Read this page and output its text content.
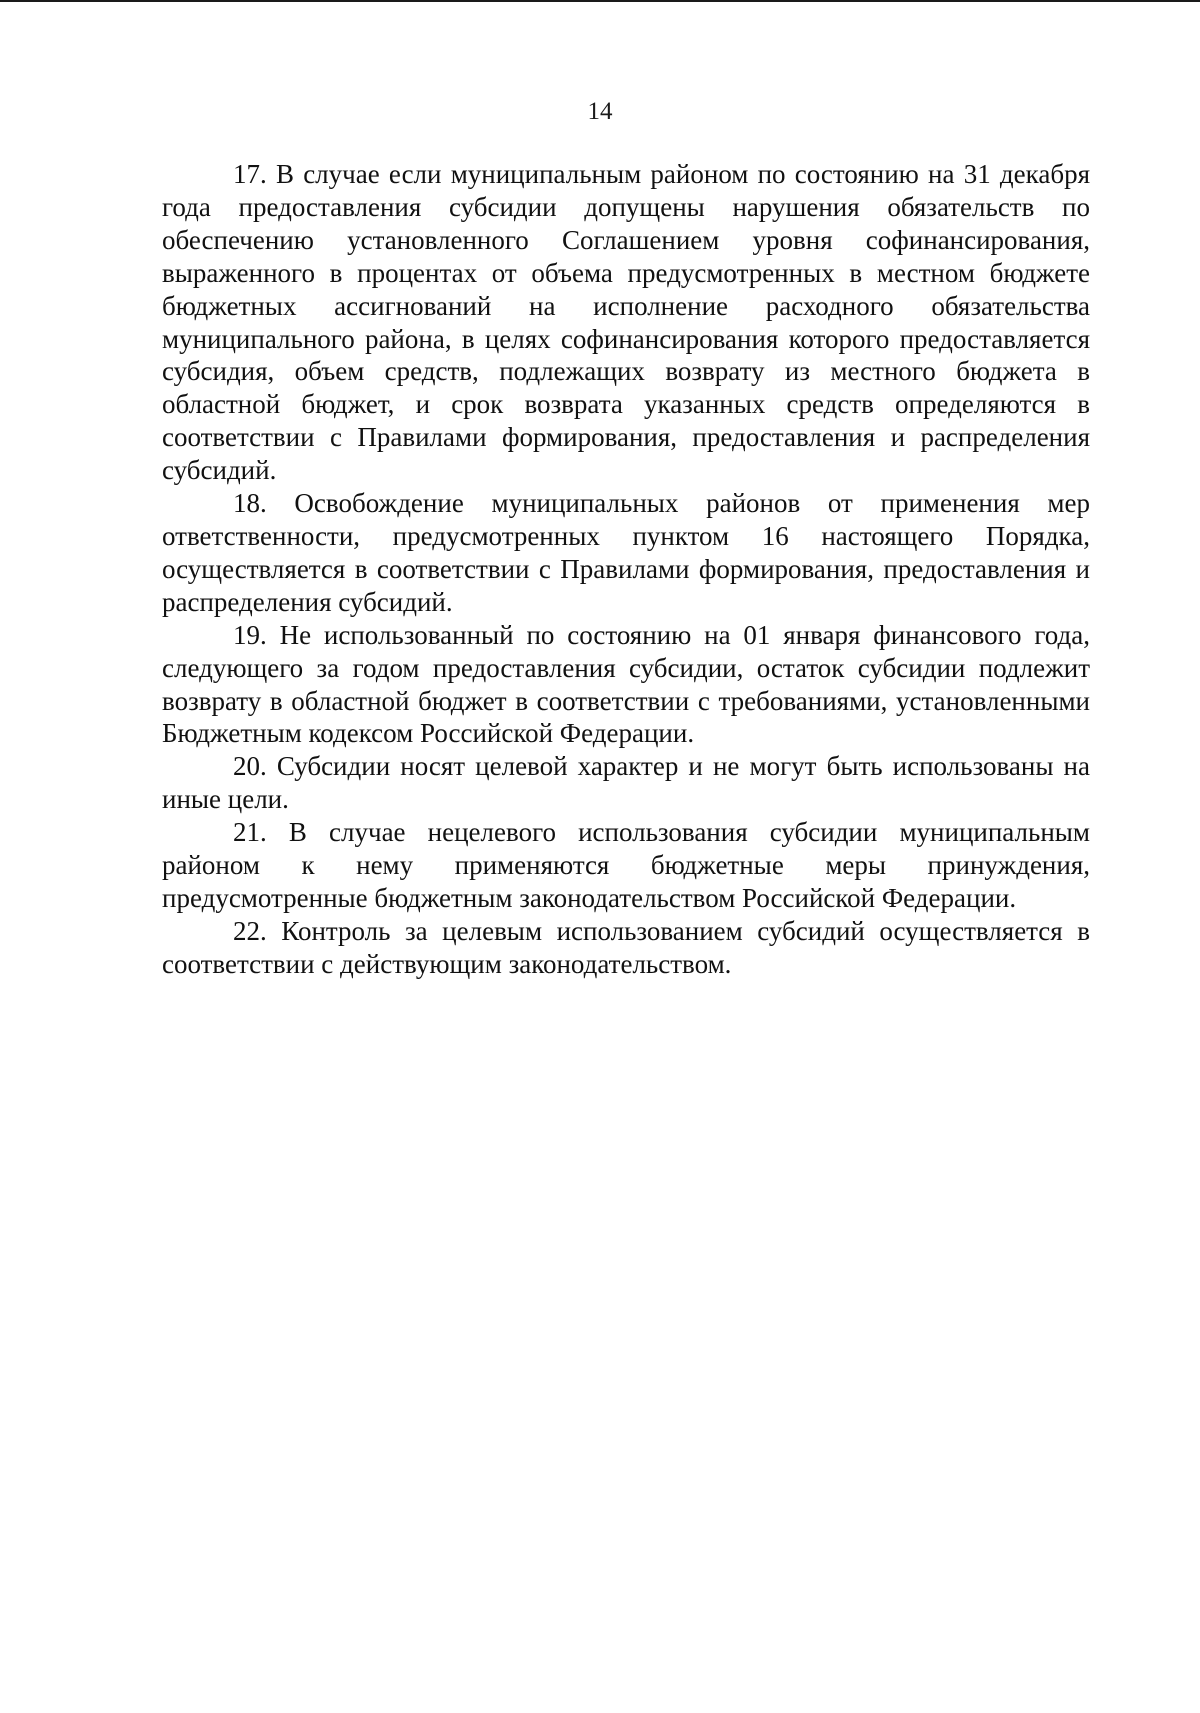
14

17. В случае если муниципальным районом по состоянию на 31 декабря года предоставления субсидии допущены нарушения обязательств по обеспечению установленного Соглашением уровня софинансирования, выраженного в процентах от объема предусмотренных в местном бюджете бюджетных ассигнований на исполнение расходного обязательства муниципального района, в целях софинансирования которого предоставляется субсидия, объем средств, подлежащих возврату из местного бюджета в областной бюджет, и срок возврата указанных средств определяются в соответствии с Правилами формирования, предоставления и распределения субсидий.

18. Освобождение муниципальных районов от применения мер ответственности, предусмотренных пунктом 16 настоящего Порядка, осуществляется в соответствии с Правилами формирования, предоставления и распределения субсидий.

19. Не использованный по состоянию на 01 января финансового года, следующего за годом предоставления субсидии, остаток субсидии подлежит возврату в областной бюджет в соответствии с требованиями, установленными Бюджетным кодексом Российской Федерации.

20. Субсидии носят целевой характер и не могут быть использованы на иные цели.

21. В случае нецелевого использования субсидии муниципальным районом к нему применяются бюджетные меры принуждения, предусмотренные бюджетным законодательством Российской Федерации.

22. Контроль за целевым использованием субсидий осуществляется в соответствии с действующим законодательством.
